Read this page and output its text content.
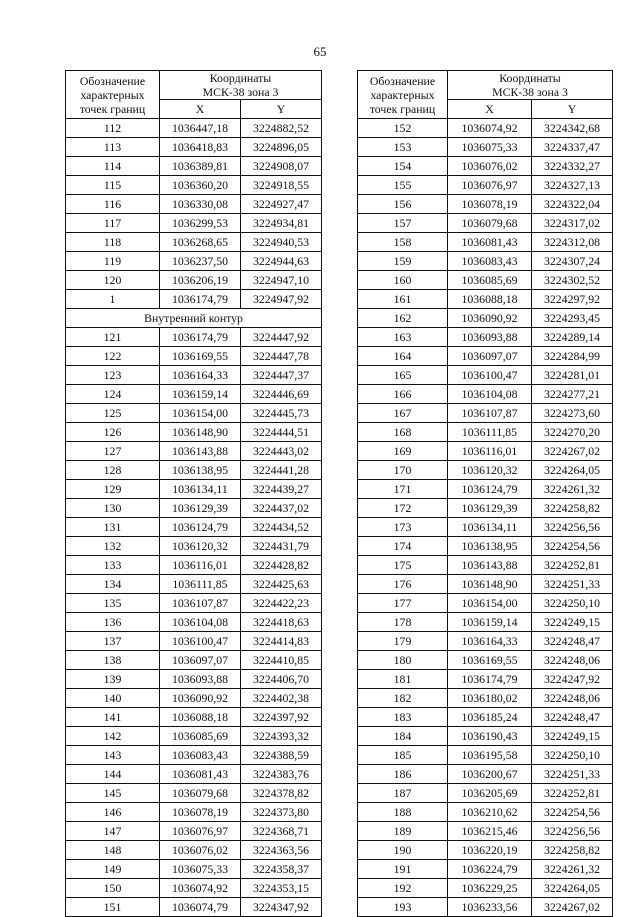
65
Обозначение
характерных
точек границ	Координаты
МСК-38 зона 3	
	X	Y
112	1036447,18	3224882,52
113	1036418,83	3224896,05
114	1036389,81	3224908,07
115	1036360,20	3224918,55
116	1036330,08	3224927,47
117	1036299,53	3224934,81
118	1036268,65	3224940,53
119	1036237,50	3224944,63
120	1036206,19	3224947,10
1	1036174,79	3224947,92
Внутренний контур		
121	1036174,79	3224447,92
122	1036169,55	3224447,78
123	1036164,33	3224447,37
124	1036159,14	3224446,69
125	1036154,00	3224445,73
126	1036148,90	3224444,51
127	1036143,88	3224443,02
128	1036138,95	3224441,28
129	1036134,11	3224439,27
130	1036129,39	3224437,02
131	1036124,79	3224434,52
132	1036120,32	3224431,79
133	1036116,01	3224428,82
134	1036111,85	3224425,63
135	1036107,87	3224422,23
136	1036104,08	3224418,63
137	1036100,47	3224414,83
138	1036097,07	3224410,85
139	1036093,88	3224406,70
140	1036090,92	3224402,38
141	1036088,18	3224397,92
142	1036085,69	3224393,32
143	1036083,43	3224388,59
144	1036081,43	3224383,76
145	1036079,68	3224378,82
146	1036078,19	3224373,80
147	1036076,97	3224368,71
148	1036076,02	3224363,56
149	1036075,33	3224358,37
150	1036074,92	3224353,15
151	1036074,79	3224347,92
Обозначение
характерных
точек границ	Координаты
МСК-38 зона 3	
	X	Y
152	1036074,92	3224342,68
153	1036075,33	3224337,47
154	1036076,02	3224332,27
155	1036076,97	3224327,13
156	1036078,19	3224322,04
157	1036079,68	3224317,02
158	1036081,43	3224312,08
159	1036083,43	3224307,24
160	1036085,69	3224302,52
161	1036088,18	3224297,92
162	1036090,92	3224293,45
163	1036093,88	3224289,14
164	1036097,07	3224284,99
165	1036100,47	3224281,01
166	1036104,08	3224277,21
167	1036107,87	3224273,60
168	1036111,85	3224270,20
169	1036116,01	3224267,02
170	1036120,32	3224264,05
171	1036124,79	3224261,32
172	1036129,39	3224258,82
173	1036134,11	3224256,56
174	1036138,95	3224254,56
175	1036143,88	3224252,81
176	1036148,90	3224251,33
177	1036154,00	3224250,10
178	1036159,14	3224249,15
179	1036164,33	3224248,47
180	1036169,55	3224248,06
181	1036174,79	3224247,92
182	1036180,02	3224248,06
183	1036185,24	3224248,47
184	1036190,43	3224249,15
185	1036195,58	3224250,10
186	1036200,67	3224251,33
187	1036205,69	3224252,81
188	1036210,62	3224254,56
189	1036215,46	3224256,56
190	1036220,19	3224258,82
191	1036224,79	3224261,32
192	1036229,25	3224264,05
193	1036233,56	3224267,02
